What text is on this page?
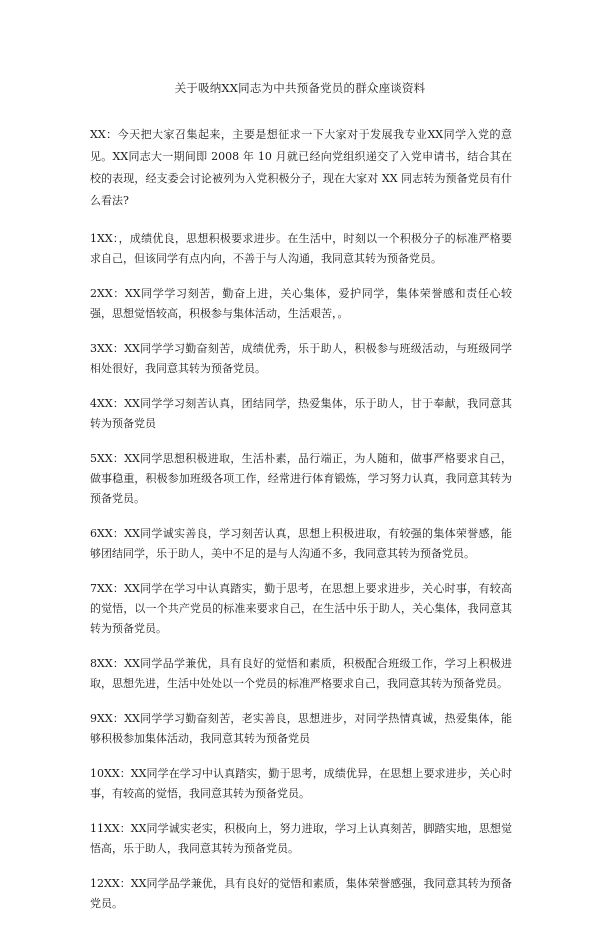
关于吸纳XX同志为中共预备党员的群众座谈资料

XX：今天把大家召集起来，主要是想征求一下大家对于发展我专业XX同学入党的意见。XX同志大一期间即 2008 年 10 月就已经向党组织递交了入党申请书，结合其在校的表现，经支委会讨论被列为入党积极分子，现在大家对 XX 同志转为预备党员有什么看法?

1XX：，成绩优良，思想积极要求进步。在生活中，时刻以一个积极分子的标准严格要求自己，但该同学有点内向，不善于与人沟通，我同意其转为预备党员。
2XX：XX同学学习刻苦，勤奋上进，关心集体，爱护同学，集体荣誉感和责任心较强，思想觉悟较高，积极参与集体活动，生活艰苦，。
3XX：XX同学学习勤奋刻苦，成绩优秀，乐于助人，积极参与班级活动，与班级同学相处很好，我同意其转为预备党员。
4XX：XX同学学习刻苦认真，团结同学，热爱集体，乐于助人，甘于奉献，我同意其转为预备党员
5XX：XX同学思想积极进取，生活朴素，品行端正，为人随和，做事严格要求自己，做事稳重，积极参加班级各项工作，经常进行体育锻炼，学习努力认真，我同意其转为预备党员。
6XX：XX同学诚实善良，学习刻苦认真，思想上积极进取，有较强的集体荣誉感，能够团结同学，乐于助人，美中不足的是与人沟通不多，我同意其转为预备党员。
7XX：XX同学在学习中认真踏实，勤于思考，在思想上要求进步，关心时事，有较高的觉悟，以一个共产党员的标准来要求自己，在生活中乐于助人，关心集体，我同意其转为预备党员。
8XX：XX同学品学兼优，具有良好的觉悟和素质，积极配合班级工作，学习上积极进取，思想先进，生活中处处以一个党员的标准严格要求自己，我同意其转为预备党员。
9XX：XX同学学习勤奋刻苦，老实善良，思想进步，对同学热情真诚，热爱集体，能够积极参加集体活动，我同意其转为预备党员
10XX：XX同学在学习中认真踏实，勤于思考，成绩优异，在思想上要求进步，关心时事，有较高的觉悟，我同意其转为预备党员。
11XX：XX同学诚实老实，积极向上，努力进取，学习上认真刻苦，脚踏实地，思想觉悟高，乐于助人，我同意其转为预备党员。
12XX：XX同学品学兼优，具有良好的觉悟和素质，集体荣誉感强，我同意其转为预备党员。
